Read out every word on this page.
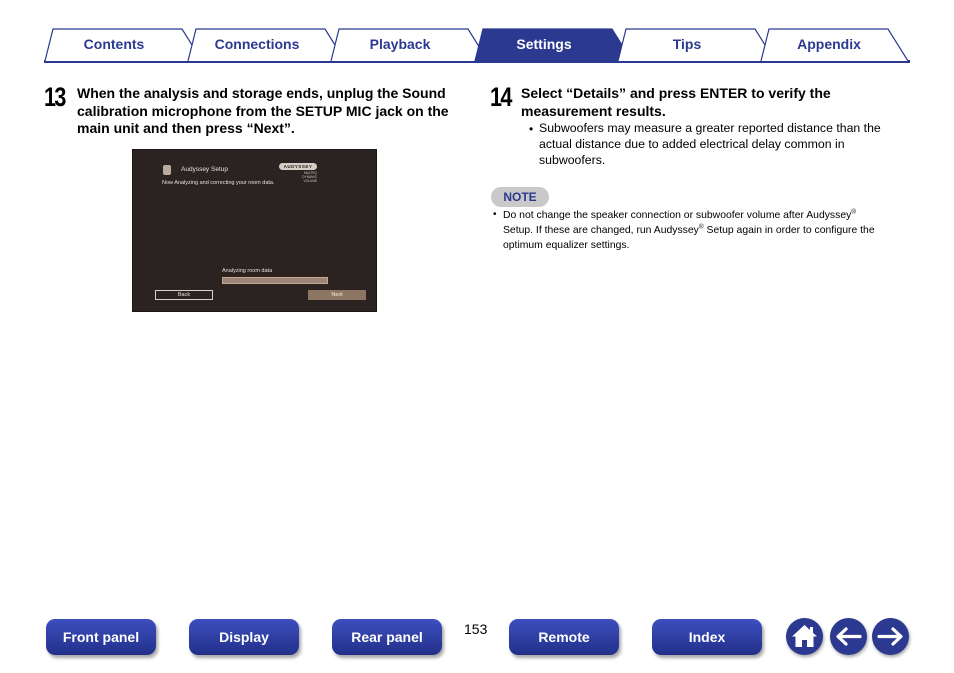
Contents	Connections	Playback	Settings	Tips	Appendix
13 When the analysis and storage ends, unplug the Sound
calibration microphone from the SETUP MIC jack on the
main unit and then press “Next”.
Audyssey Setup	AUDYSSEY
MULTEQ
DYNAMIC VOLUME
Now Analyzing and correcting your room data.
Analyzing room data
Back	Next
14 Select “Details” and press ENTER to verify the
measurement results.
• Subwoofers may measure a greater reported distance than the
actual distance due to added electrical delay common in
subwoofers.
NOTE
• Do not change the speaker connection or subwoofer volume after Audyssey®
Setup. If these are changed, run Audyssey® Setup again in order to configure the
optimum equalizer settings.
Front panel	Display	Rear panel	153	Remote	Index
